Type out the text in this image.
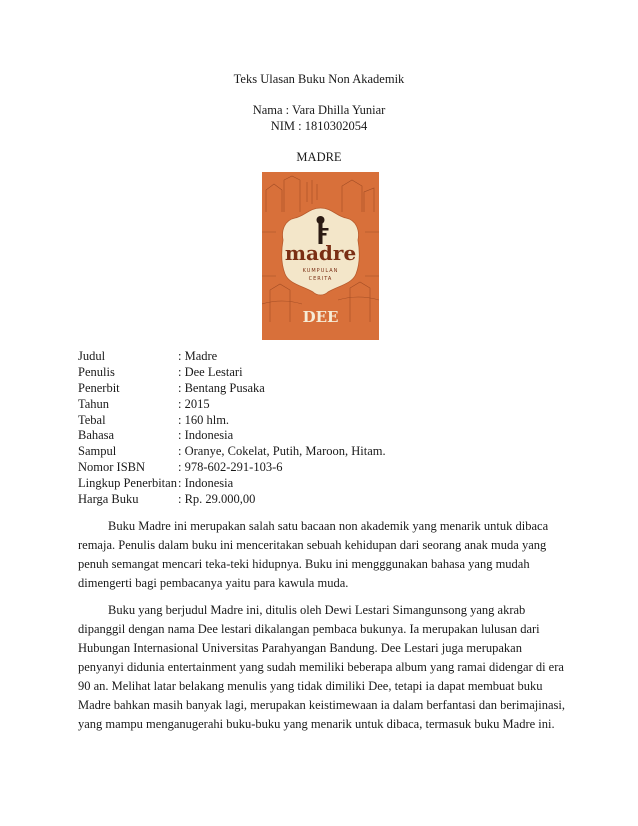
Teks Ulasan Buku Non Akademik
Nama : Vara Dhilla Yuniar
NIM : 1810302054
MADRE
madre
KUMPULAN
CERITA
DEE
Judul	: Madre
Penulis	: Dee Lestari
Penerbit	: Bentang Pusaka
Tahun	: 2015
Tebal	: 160 hlm.
Bahasa	: Indonesia
Sampul	: Oranye, Cokelat, Putih, Maroon, Hitam.
Nomor ISBN	: 978-602-291-103-6
Lingkup Penerbitan : Indonesia
Harga Buku	: Rp. 29.000,00
Buku Madre ini merupakan salah satu bacaan non akademik yang menarik untuk dibaca
remaja. Penulis dalam buku ini menceritakan sebuah kehidupan dari seorang anak muda yang
penuh semangat mencari teka-teki hidupnya. Buku ini mengggunakan bahasa yang mudah
dimengerti bagi pembacanya yaitu para kawula muda.
Buku yang berjudul Madre ini, ditulis oleh Dewi Lestari Simangunsong yang akrab
dipanggil dengan nama Dee lestari dikalangan pembaca bukunya. Ia merupakan lulusan dari
Hubungan Internasional Universitas Parahyangan Bandung. Dee Lestari juga merupakan
penyanyi didunia entertainment yang sudah memiliki beberapa album yang ramai didengar di era
90 an. Melihat latar belakang menulis yang tidak dimiliki Dee, tetapi ia dapat membuat buku
Madre bahkan masih banyak lagi, merupakan keistimewaan ia dalam berfantasi dan berimajinasi,
yang mampu menganugerahi buku-buku yang menarik untuk dibaca, termasuk buku Madre ini.
